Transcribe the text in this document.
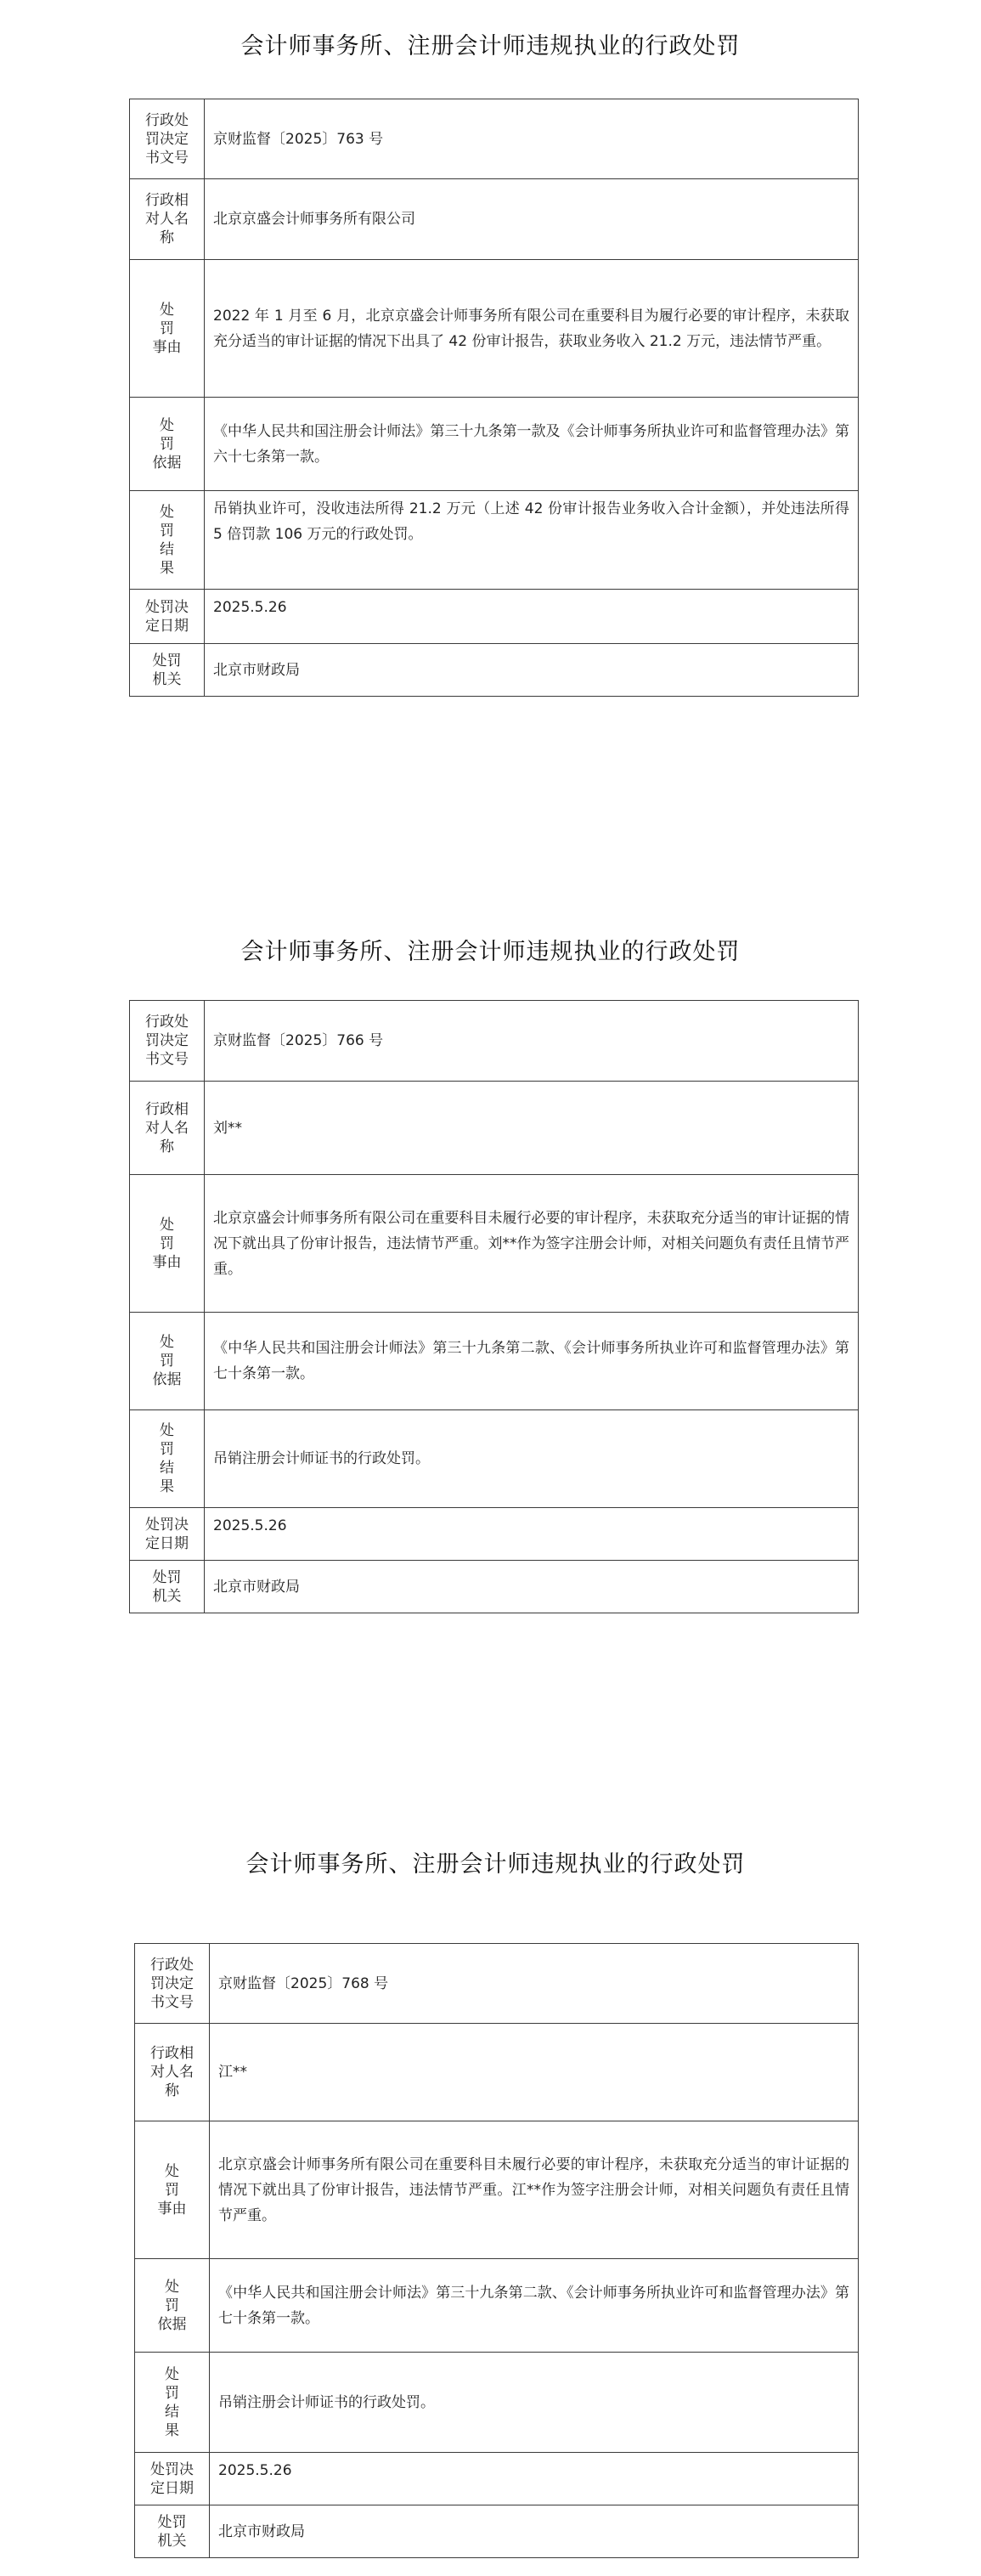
会计师事务所、注册会计师违规执业的行政处罚
行政处
罚决定
书文号	京财监督〔2025〕763 号
行政相
对人名
称	北京京盛会计师事务所有限公司
处
罚
事由	2022 年 1 月至 6 月，北京京盛会计师事务所有限公司在重要科目为履行必要的审计程序，未获取充分适当的审计证据的情况下出具了 42 份审计报告，获取业务收入 21.2 万元，违法情节严重。
处
罚
依据	《中华人民共和国注册会计师法》第三十九条第一款及《会计师事务所执业许可和监督管理办法》第六十七条第一款。
处
罚
结
果	吊销执业许可，没收违法所得 21.2 万元（上述 42 份审计报告业务收入合计金额），并处违法所得 5 倍罚款 106 万元的行政处罚。
处罚决
定日期	2025.5.26
处罚
机关	北京市财政局
会计师事务所、注册会计师违规执业的行政处罚
行政处
罚决定
书文号	京财监督〔2025〕766 号
行政相
对人名
称	刘**
处
罚
事由	北京京盛会计师事务所有限公司在重要科目未履行必要的审计程序，未获取充分适当的审计证据的情况下就出具了份审计报告，违法情节严重。刘**作为签字注册会计师，对相关问题负有责任且情节严重。
处
罚
依据	《中华人民共和国注册会计师法》第三十九条第二款、《会计师事务所执业许可和监督管理办法》第七十条第一款。
处
罚
结
果	吊销注册会计师证书的行政处罚。
处罚决
定日期	2025.5.26
处罚
机关	北京市财政局
会计师事务所、注册会计师违规执业的行政处罚
行政处
罚决定
书文号	京财监督〔2025〕768 号
行政相
对人名
称	江**
处
罚
事由	北京京盛会计师事务所有限公司在重要科目未履行必要的审计程序，未获取充分适当的审计证据的情况下就出具了份审计报告，违法情节严重。江**作为签字注册会计师，对相关问题负有责任且情节严重。
处
罚
依据	《中华人民共和国注册会计师法》第三十九条第二款、《会计师事务所执业许可和监督管理办法》第七十条第一款。
处
罚
结
果	吊销注册会计师证书的行政处罚。
处罚决
定日期	2025.5.26
处罚
机关	北京市财政局
